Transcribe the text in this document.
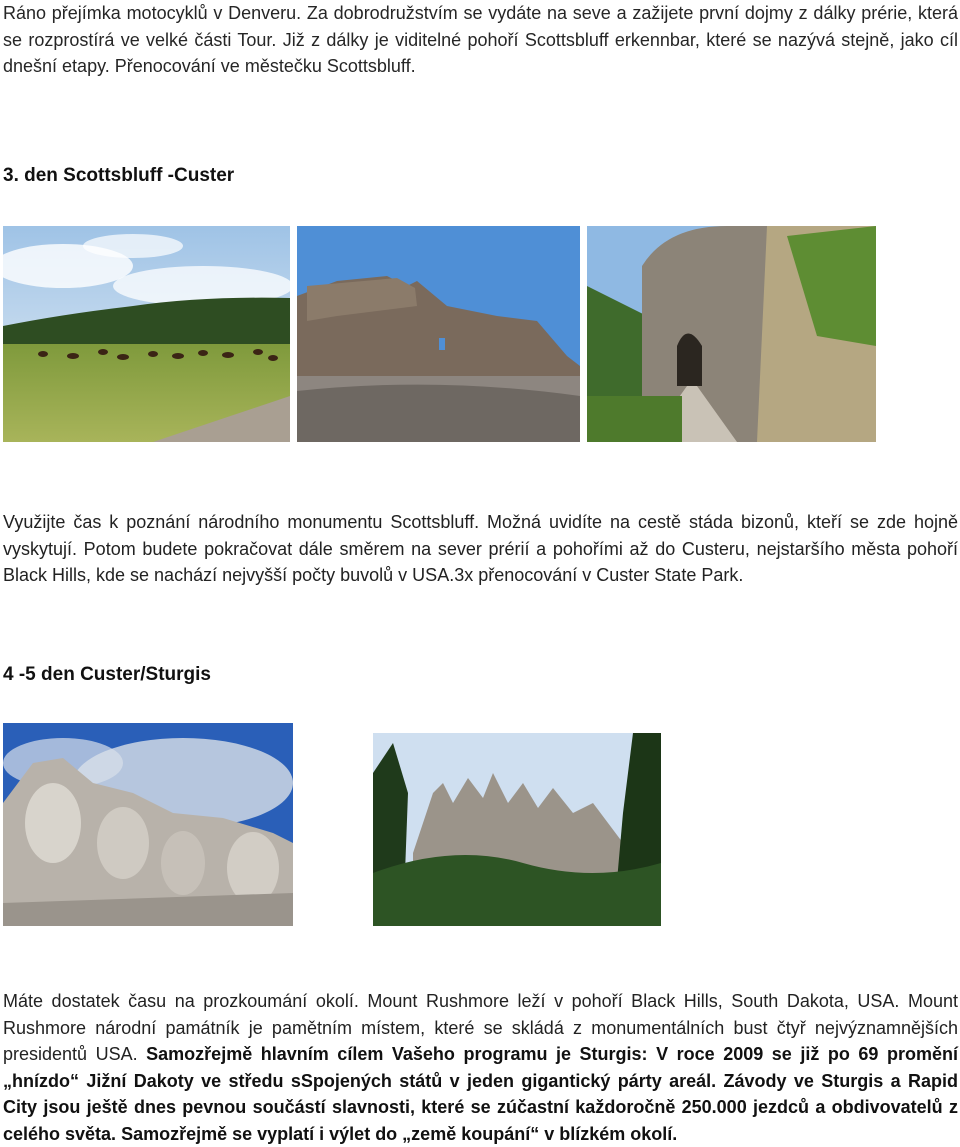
Ráno přejímka motocyklů v Denveru. Za dobrodružstvím se vydáte na seve a zažijete první dojmy z dálky prérie, která se rozprostírá ve velké části Tour. Již z dálky je viditelné pohoří Scottsbluff erkennbar, které se nazývá stejně, jako cíl dnešní etapy. Přenocování ve městečku Scottsbluff.
3. den Scottsbluff -Custer
Využijte čas k poznání národního monumentu Scottsbluff. Možná uvidíte na cestě stáda bizonů, kteří se zde hojně vyskytují. Potom budete pokračovat dále směrem na sever prérií a pohořími až do Custeru, nejstaršího města pohoří Black Hills, kde se nachází nejvyšší počty buvolů v USA.3x přenocování v Custer State Park.
4 -5 den Custer/Sturgis
Máte dostatek času na prozkoumání okolí. Mount Rushmore leží v pohoří Black Hills, South Dakota, USA. Mount Rushmore národní památník je pamětním místem, které se skládá z monumentálních bust čtyř nejvýznamnějších presidentů USA. Samozřejmě hlavním cílem Vašeho programu je Sturgis: V roce 2009 se již po 69 promění „hnízdo“ Jižní Dakoty ve středu sSpojených států v jeden gigantický párty areál. Závody ve Sturgis a Rapid City jsou ještě dnes pevnou součástí slavnosti, které se zúčastní každoročně 250.000 jezdců a obdivovatelů z celého světa. Samozřejmě se vyplatí i výlet do „země koupání“ v blízkém okolí.
